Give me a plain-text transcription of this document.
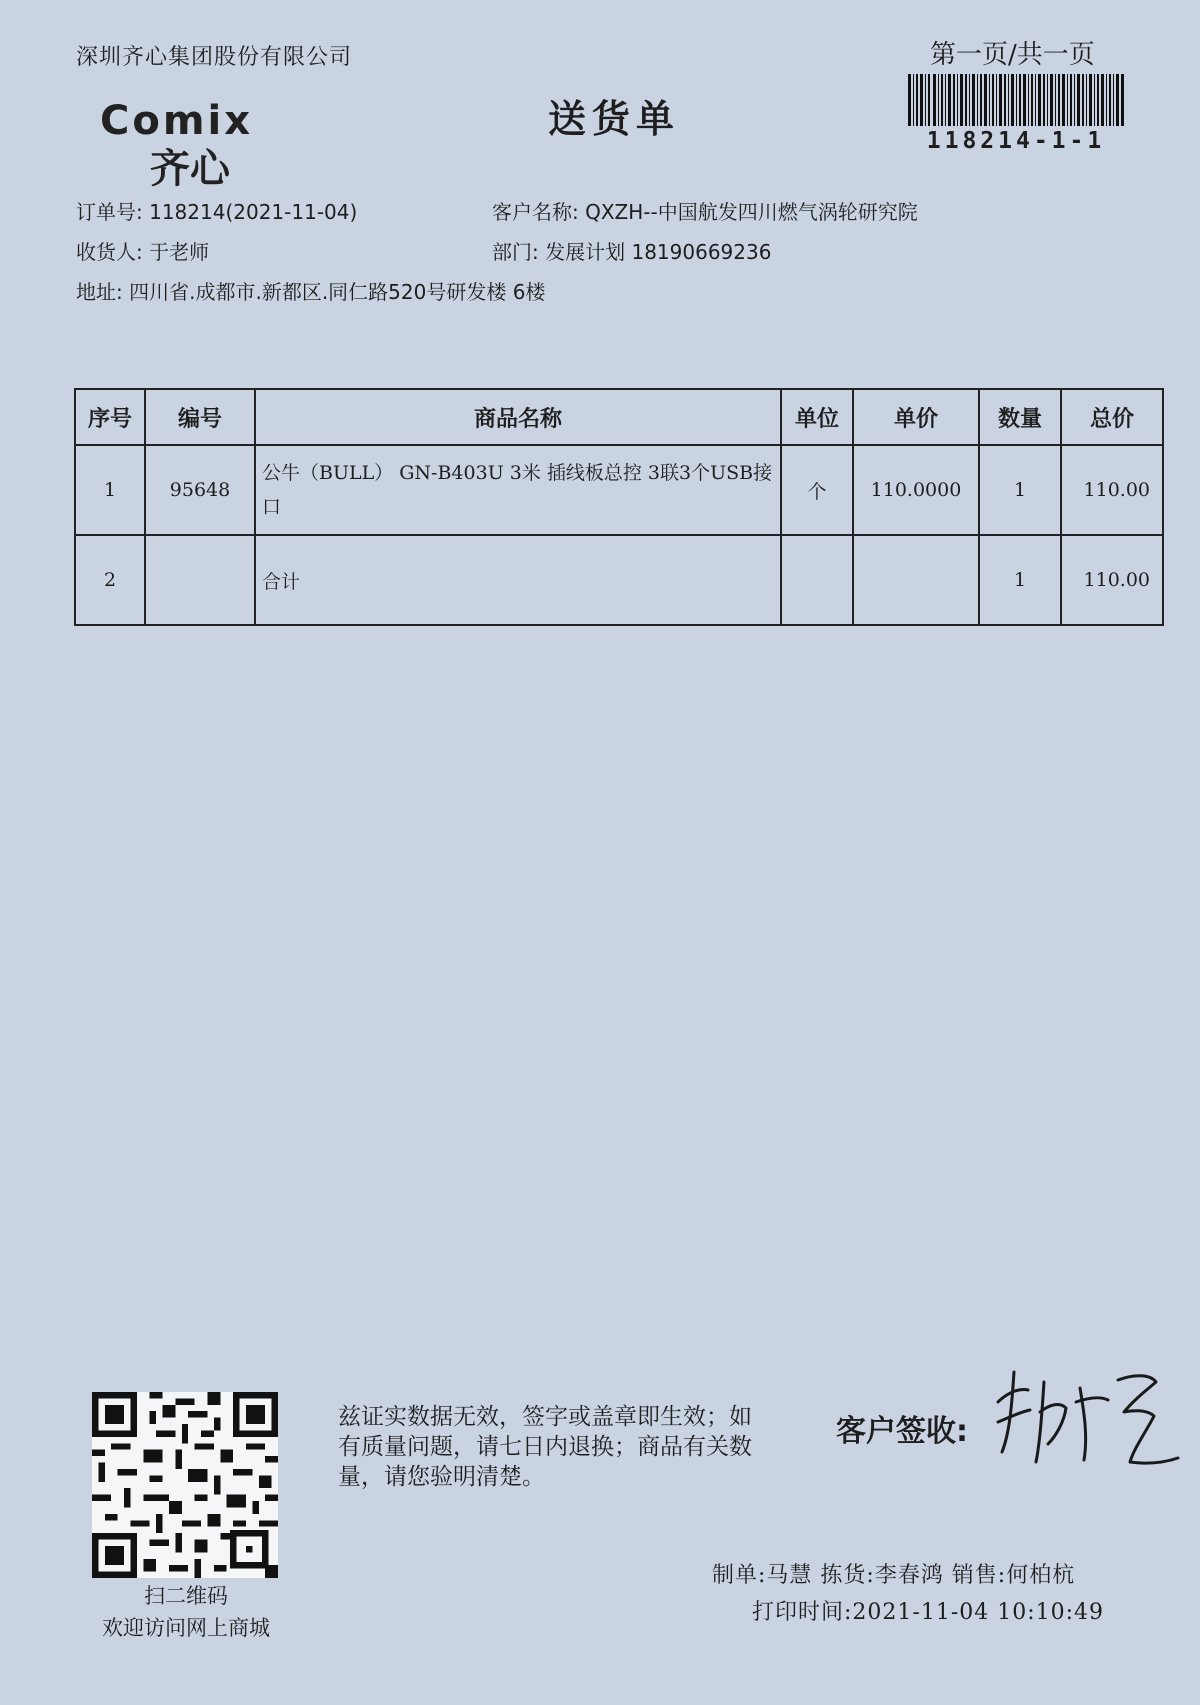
深圳齐心集团股份有限公司	第一页/共一页
118214-1-1
送货单
Comix
齐心
订单号: 118214(2021-11-04)	客户名称: QXZH--中国航发四川燃气涡轮研究院
收货人: 于老师	部门: 发展计划 18190669236
地址: 四川省.成都市.新都区.同仁路520号研发楼 6楼
序号	编号	商品名称	单位	单价	数量	总价
1	95648	公牛（BULL） GN-B403U 3米 插线板总控 3联3个USB接口	个	110.0000	1	110.00
2		合计			1	110.00
扫二维码
欢迎访问网上商城
兹证实数据无效，签字或盖章即生效；如有质量问题，请七日内退换；商品有关数量，请您验明清楚。
客户签收:
制单:马慧 拣货:李春鸿 销售:何柏杭
打印时间:2021-11-04 10:10:49
